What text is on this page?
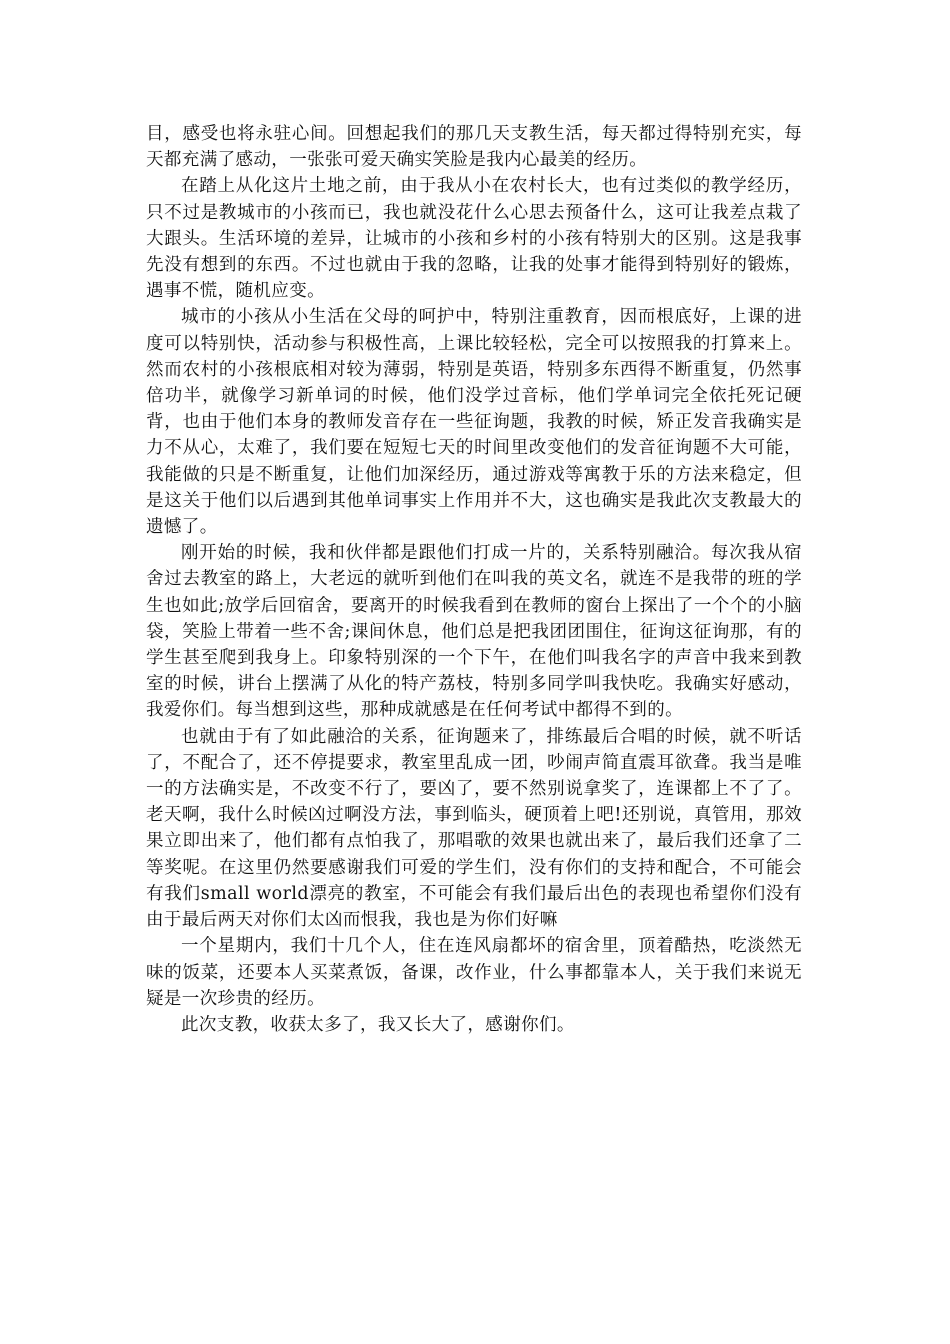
目，感受也将永驻心间。回想起我们的那几天支教生活，每天都过得特别充实，每天都充满了感动，一张张可爱天确实笑脸是我内心最美的经历。

在踏上从化这片土地之前，由于我从小在农村长大，也有过类似的教学经历，只不过是教城市的小孩而已，我也就没花什么心思去预备什么，这可让我差点栽了大跟头。生活环境的差异，让城市的小孩和乡村的小孩有特别大的区别。这是我事先没有想到的东西。不过也就由于我的忽略，让我的处事才能得到特别好的锻炼，遇事不慌，随机应变。

城市的小孩从小生活在父母的呵护中，特别注重教育，因而根底好，上课的进度可以特别快，活动参与积极性高，上课比较轻松，完全可以按照我的打算来上。然而农村的小孩根底相对较为薄弱，特别是英语，特别多东西得不断重复，仍然事倍功半，就像学习新单词的时候，他们没学过音标，他们学单词完全依托死记硬背，也由于他们本身的教师发音存在一些征询题，我教的时候，矫正发音我确实是力不从心，太难了，我们要在短短七天的时间里改变他们的发音征询题不大可能，我能做的只是不断重复，让他们加深经历，通过游戏等寓教于乐的方法来稳定，但是这关于他们以后遇到其他单词事实上作用并不大，这也确实是我此次支教最大的遗憾了。

刚开始的时候，我和伙伴都是跟他们打成一片的，关系特别融洽。每次我从宿舍过去教室的路上，大老远的就听到他们在叫我的英文名，就连不是我带的班的学生也如此;放学后回宿舍，要离开的时候我看到在教师的窗台上探出了一个个的小脑袋，笑脸上带着一些不舍;课间休息，他们总是把我团团围住，征询这征询那，有的学生甚至爬到我身上。印象特别深的一个下午，在他们叫我名字的声音中我来到教室的时候，讲台上摆满了从化的特产荔枝，特别多同学叫我快吃。我确实好感动，我爱你们。每当想到这些，那种成就感是在任何考试中都得不到的。

也就由于有了如此融洽的关系，征询题来了，排练最后合唱的时候，就不听话了，不配合了，还不停提要求，教室里乱成一团，吵闹声简直震耳欲聋。我当是唯一的方法确实是，不改变不行了，要凶了，要不然别说拿奖了，连课都上不了了。老天啊，我什么时候凶过啊没方法，事到临头，硬顶着上吧!还别说，真管用，那效果立即出来了，他们都有点怕我了，那唱歌的效果也就出来了，最后我们还拿了二等奖呢。在这里仍然要感谢我们可爱的学生们，没有你们的支持和配合，不可能会有我们small world漂亮的教室，不可能会有我们最后出色的表现也希望你们没有由于最后两天对你们太凶而恨我，我也是为你们好嘛

一个星期内，我们十几个人，住在连风扇都坏的宿舍里，顶着酷热，吃淡然无味的饭菜，还要本人买菜煮饭，备课，改作业，什么事都靠本人，关于我们来说无疑是一次珍贵的经历。

此次支教，收获太多了，我又长大了，感谢你们。
